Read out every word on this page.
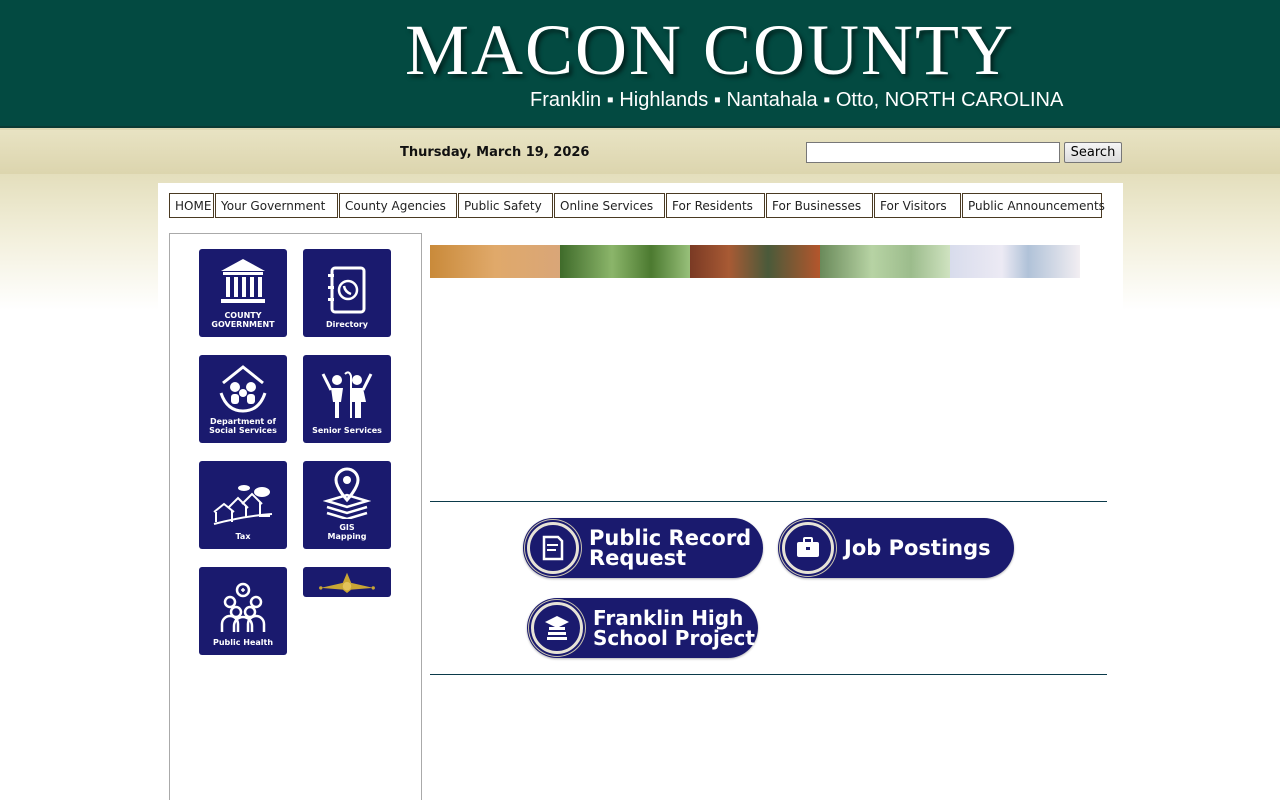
MACON COUNTY
Franklin ▪ Highlands ▪ Nantahala ▪ Otto, NORTH CAROLINA
Thursday, March 19, 2026	Search
HOME Your Government	County Agencies	Public Safety	Online Services	For Residents	For Businesses	For Visitors	Public Announcements
COUNTY
GOVERNMENT	Directory
Department of
Social Services	Senior Services
Tax
GIS
Mapping
Public Health
Public Record
Request	Job Postings
Franklin High
School Project
